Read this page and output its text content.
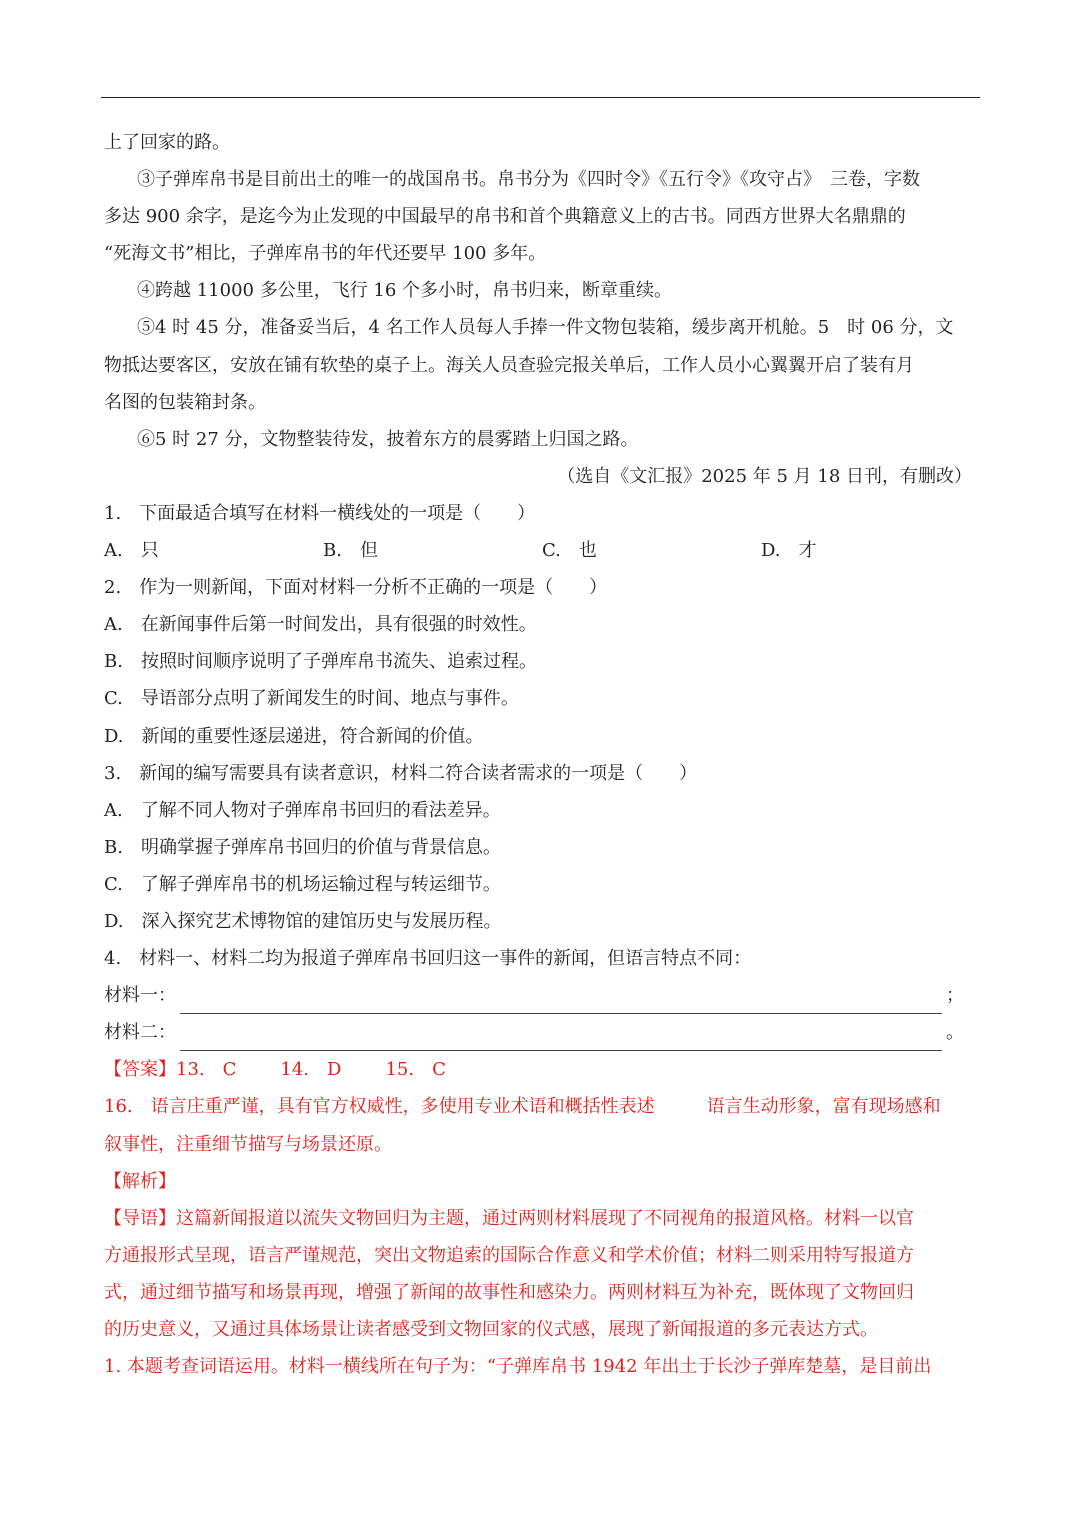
上了回家的路。
③子弹库帛书是目前出土的唯一的战国帛书。帛书分为《四时令》《五行令》《攻守占》　三卷，字数
多达 900 余字，是迄今为止发现的中国最早的帛书和首个典籍意义上的古书。同西方世界大名鼎鼎的
“死海文书”相比，子弹库帛书的年代还要早 100 多年。
④跨越 11000 多公里，飞行 16 个多小时，帛书归来，断章重续。
⑤4 时 45 分，准备妥当后，4 名工作人员每人手捧一件文物包装箱，缓步离开机舱。5　时 06 分，文
物抵达要客区，安放在铺有软垫的桌子上。海关人员查验完报关单后，工作人员小心翼翼开启了装有月
名图的包装箱封条。
⑥5 时 27 分，文物整装待发，披着东方的晨雾踏上归国之路。
（选自《文汇报》2025 年 5 月 18 日刊，有删改）
1.　下面最适合填写在材料一横线处的一项是（　　）
A.　只	B.　但	C.　也	D.　才
2.　作为一则新闻，下面对材料一分析不正确的一项是（　　）
A.　在新闻事件后第一时间发出，具有很强的时效性。
B.　按照时间顺序说明了子弹库帛书流失、追索过程。
C.　导语部分点明了新闻发生的时间、地点与事件。
D.　新闻的重要性逐层递进，符合新闻的价值。
3.　新闻的编写需要具有读者意识，材料二符合读者需求的一项是（　　）
A.　了解不同人物对子弹库帛书回归的看法差异。
B.　明确掌握子弹库帛书回归的价值与背景信息。
C.　了解子弹库帛书的机场运输过程与转运细节。
D.　深入探究艺术博物馆的建馆历史与发展历程。
4.　材料一、材料二均为报道子弹库帛书回归这一事件的新闻，但语言特点不同：
材料一：	；
材料二：	。
【答案】13.　C 14.　D 15.　C
16.　语言庄重严谨，具有官方权威性，多使用专业术语和概括性表述	语言生动形象，富有现场感和
叙事性，注重细节描写与场景还原。
【解析】
【导语】这篇新闻报道以流失文物回归为主题，通过两则材料展现了不同视角的报道风格。材料一以官
方通报形式呈现，语言严谨规范，突出文物追索的国际合作意义和学术价值；材料二则采用特写报道方
式，通过细节描写和场景再现，增强了新闻的故事性和感染力。两则材料互为补充，既体现了文物回归
的历史意义，又通过具体场景让读者感受到文物回家的仪式感，展现了新闻报道的多元表达方式。
1. 本题考查词语运用。材料一横线所在句子为：“子弹库帛书 1942 年出土于长沙子弹库楚墓，是目前出
